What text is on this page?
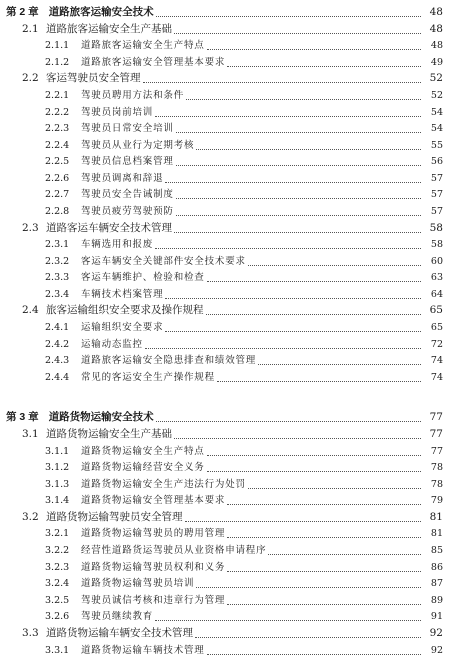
第 2 章 道路旅客运输安全技术	48
2.1 道路旅客运输安全生产基础	48
2.1.1	道路旅客运输安全生产特点	48
2.1.2	道路旅客运输安全管理基本要求	49
2.2 客运驾驶员安全管理	52
2.2.1	驾驶员聘用方法和条件	52
2.2.2	驾驶员岗前培训	54
2.2.3	驾驶员日常安全培训	54
2.2.4	驾驶员从业行为定期考核	55
2.2.5	驾驶员信息档案管理	56
2.2.6	驾驶员调离和辞退	57
2.2.7	驾驶员安全告诫制度	57
2.2.8	驾驶员疲劳驾驶预防	57
2.3 道路客运车辆安全技术管理	58
2.3.1	车辆选用和报废	58
2.3.2	客运车辆安全关键部件安全技术要求	60
2.3.3	客运车辆维护、检验和检查	63
2.3.4	车辆技术档案管理	64
2.4 旅客运输组织安全要求及操作规程	65
2.4.1	运输组织安全要求	65
2.4.2	运输动态监控	72
2.4.3	道路旅客运输安全隐患排查和绩效管理	74
2.4.4	常见的客运安全生产操作规程	74
第 3 章 道路货物运输安全技术	77
3.1 道路货物运输安全生产基础	77
3.1.1	道路货物运输安全生产特点	77
3.1.2	道路货物运输经营安全义务	78
3.1.3	道路货物运输安全生产违法行为处罚	78
3.1.4	道路货物运输安全管理基本要求	79
3.2 道路货物运输驾驶员安全管理	81
3.2.1	道路货物运输驾驶员的聘用管理	81
3.2.2	经营性道路货运驾驶员从业资格申请程序	85
3.2.3	道路货物运输驾驶员权利和义务	86
3.2.4	道路货物运输驾驶员培训	87
3.2.5	驾驶员诚信考核和违章行为管理	89
3.2.6	驾驶员继续教育	91
3.3 道路货物运输车辆安全技术管理	92
3.3.1	道路货物运输车辆技术管理	92
